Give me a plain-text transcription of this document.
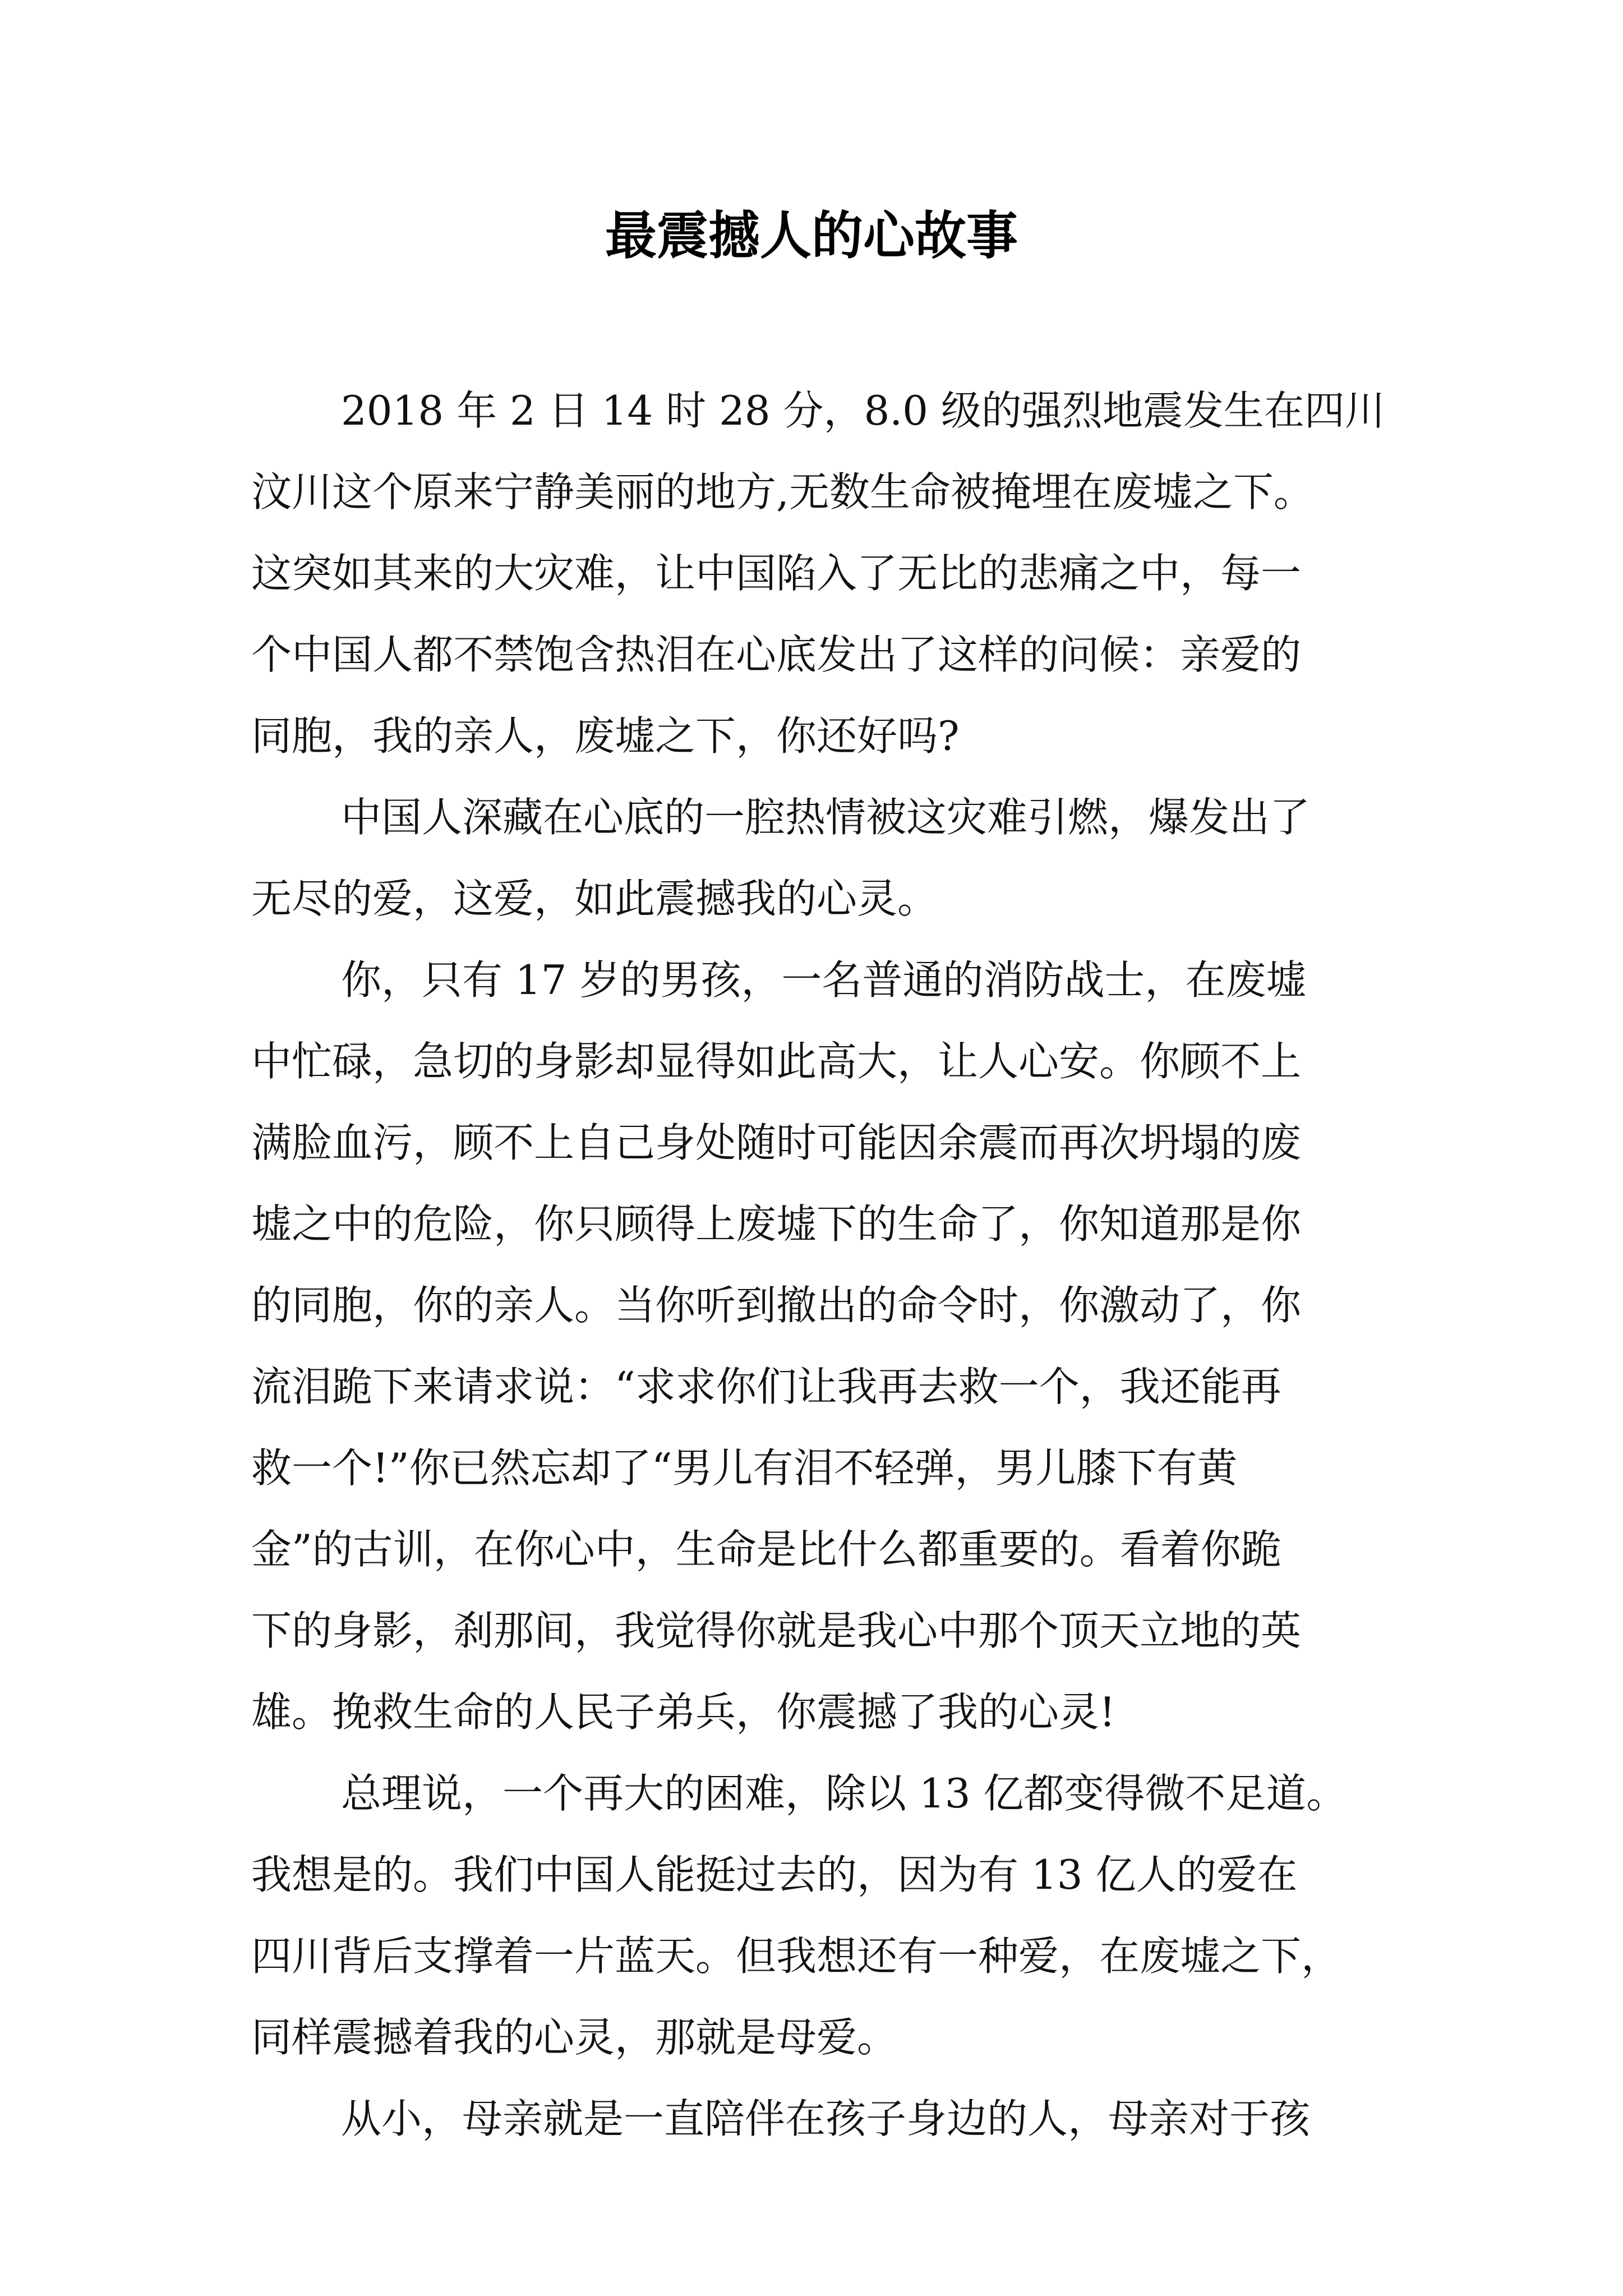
最震撼人的心故事

2018 年 2 日 14 时 28 分，8.0 级的强烈地震发生在四川
汶川这个原来宁静美丽的地方,无数生命被掩埋在废墟之下。
这突如其来的大灾难，让中国陷入了无比的悲痛之中，每一
个中国人都不禁饱含热泪在心底发出了这样的问候：亲爱的
同胞，我的亲人，废墟之下，你还好吗?

中国人深藏在心底的一腔热情被这灾难引燃，爆发出了
无尽的爱，这爱，如此震撼我的心灵。

你，只有 17 岁的男孩，一名普通的消防战士，在废墟
中忙碌，急切的身影却显得如此高大，让人心安。你顾不上
满脸血污，顾不上自己身处随时可能因余震而再次坍塌的废
墟之中的危险，你只顾得上废墟下的生命了，你知道那是你
的同胞，你的亲人。当你听到撤出的命令时，你激动了，你
流泪跪下来请求说：“求求你们让我再去救一个，我还能再
救一个!”你已然忘却了“男儿有泪不轻弹，男儿膝下有黄
金”的古训，在你心中，生命是比什么都重要的。看着你跪
下的身影，刹那间，我觉得你就是我心中那个顶天立地的英
雄。挽救生命的人民子弟兵，你震撼了我的心灵!

总理说，一个再大的困难，除以 13 亿都变得微不足道。
我想是的。我们中国人能挺过去的，因为有 13 亿人的爱在
四川背后支撑着一片蓝天。但我想还有一种爱，在废墟之下，
同样震撼着我的心灵，那就是母爱。

从小，母亲就是一直陪伴在孩子身边的人，母亲对于孩
